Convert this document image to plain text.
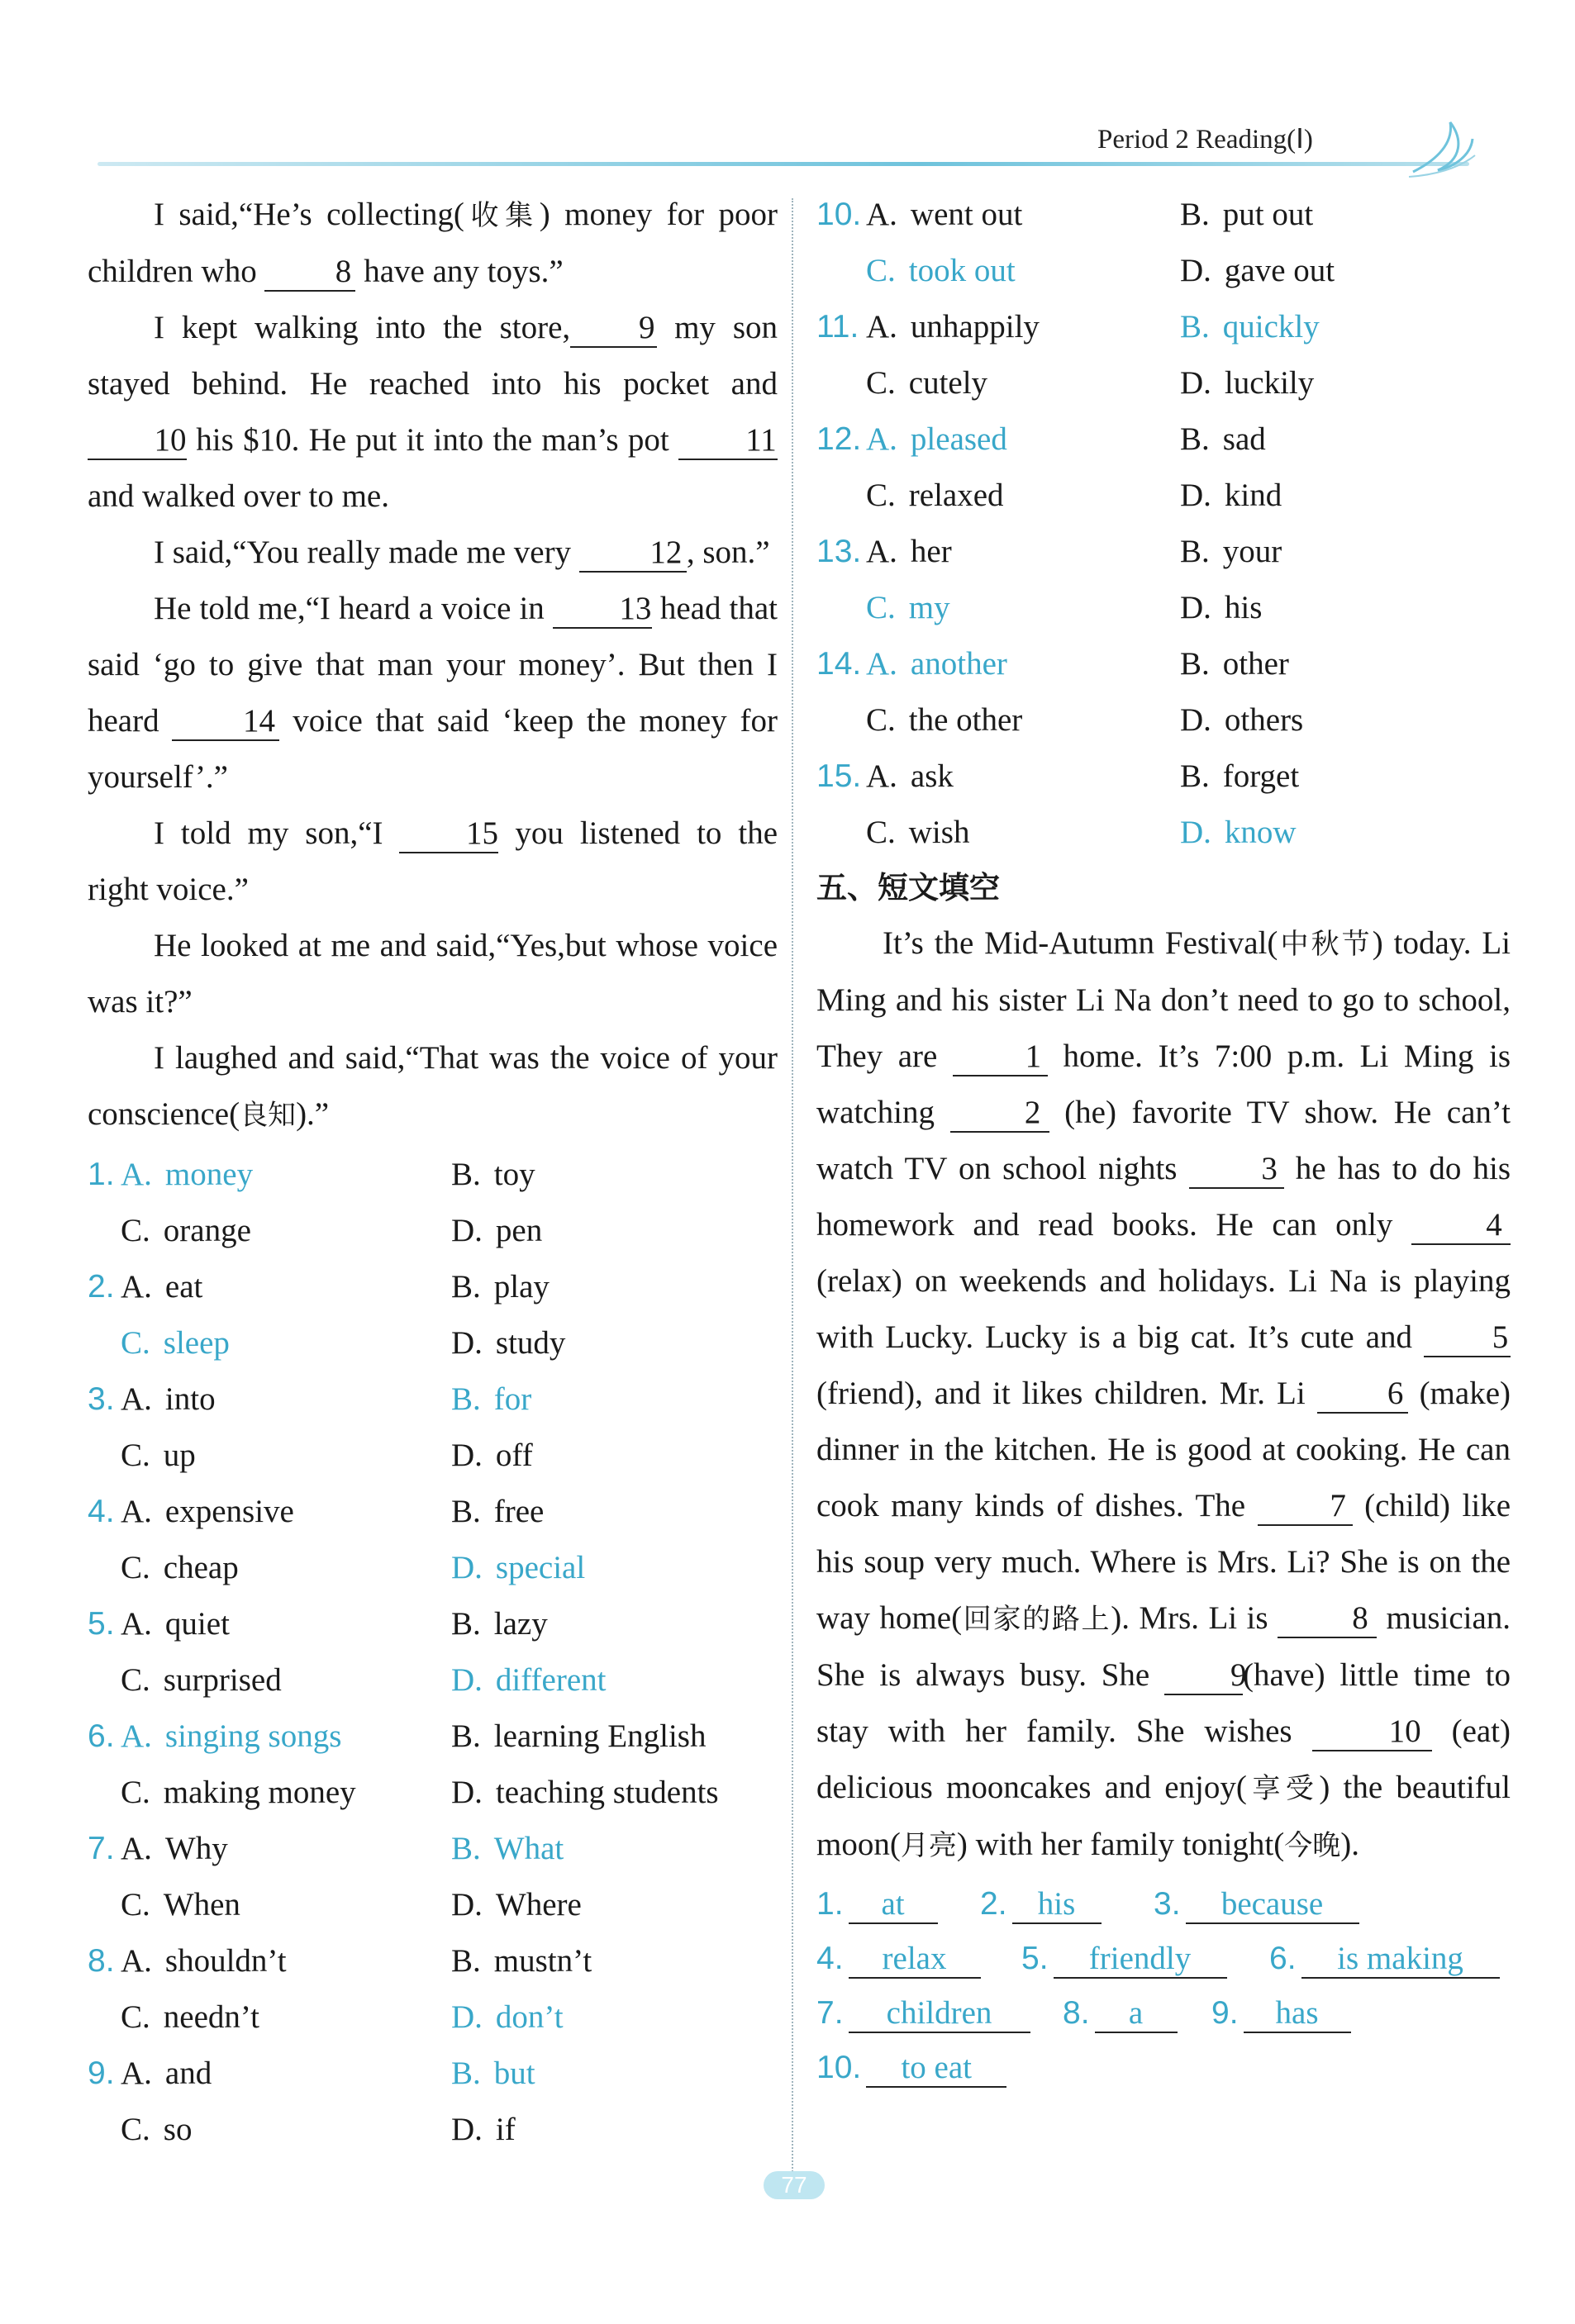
Period 2 Reading(Ⅰ)

I said,“He’s collecting(收集) money for poor children who 8 have any toys.”

I kept walking into the store, 9 my son stayed behind. He reached into his pocket and 10 his $10. He put it into the man’s pot 11 and walked over to me.

I said,“You really made me very 12 , son.”

He told me,“I heard a voice in 13 head that said ‘go to give that man your money’. But then I heard	14 voice that said ‘keep the money for yourself’.”

I told my son,“I	15 you listened to the right voice.”

He looked at me and said,“Yes,but whose voice was it?”

I laughed and said,“That was the voice of your conscience(良知).”

1. A. money	B. toy
C. orange	D. pen
2. A. eat	B. play
C. sleep	D. study
3. A. into	B. for
C. up	D. off
4. A. expensive	B. free
C. cheap	D. special
5. A. quiet	B. lazy
C. surprised	D. different
6. A. singing songs	B. learning English
C. making money	D. teaching students
7. A. Why	B. What
C. When	D. Where
8. A. shouldn’t	B. mustn’t
C. needn’t	D. don’t
9. A. and	B. but
C. so	D. if
10. A. went out	B. put out
C. took out	D. gave out
11. A. unhappily	B. quickly
C. cutely	D. luckily
12. A. pleased	B. sad
C. relaxed	D. kind
13. A. her	B. your
C. my	D. his
14. A. another	B. other
C. the other	D. others
15. A. ask	B. forget
C. wish	D. know

五、短文填空

It’s the Mid-Autumn Festival(中秋节) today. Li Ming and his sister Li Na don’t need to go to school, They are	1 home. It’s 7:00 p.m. Li Ming is watching	2 (he) favorite TV show. He can’t watch TV on school nights	3 he has to do his homework and read books. He can only	4 (relax) on weekends and holidays. Li Na is playing with Lucky. Lucky is a big cat. It’s cute and 5 (friend), and it likes children. Mr. Li	6 (make) dinner in the kitchen. He is good at cooking. He can cook many kinds of dishes. The	7 (child) like his soup very much. Where is Mrs. Li? She is on the way home(回家的路上). Mrs. Li is	8 musician. She is always busy. She	9(have) little time to stay with her family. She wishes	10 (eat) delicious mooncakes and enjoy(享受) the beautiful moon(月亮) with her family tonight(今晚).

1. at	2. his	3. because
4. relax	5. friendly	6. is making
7. children	8. a	9. has
10. to eat
77
